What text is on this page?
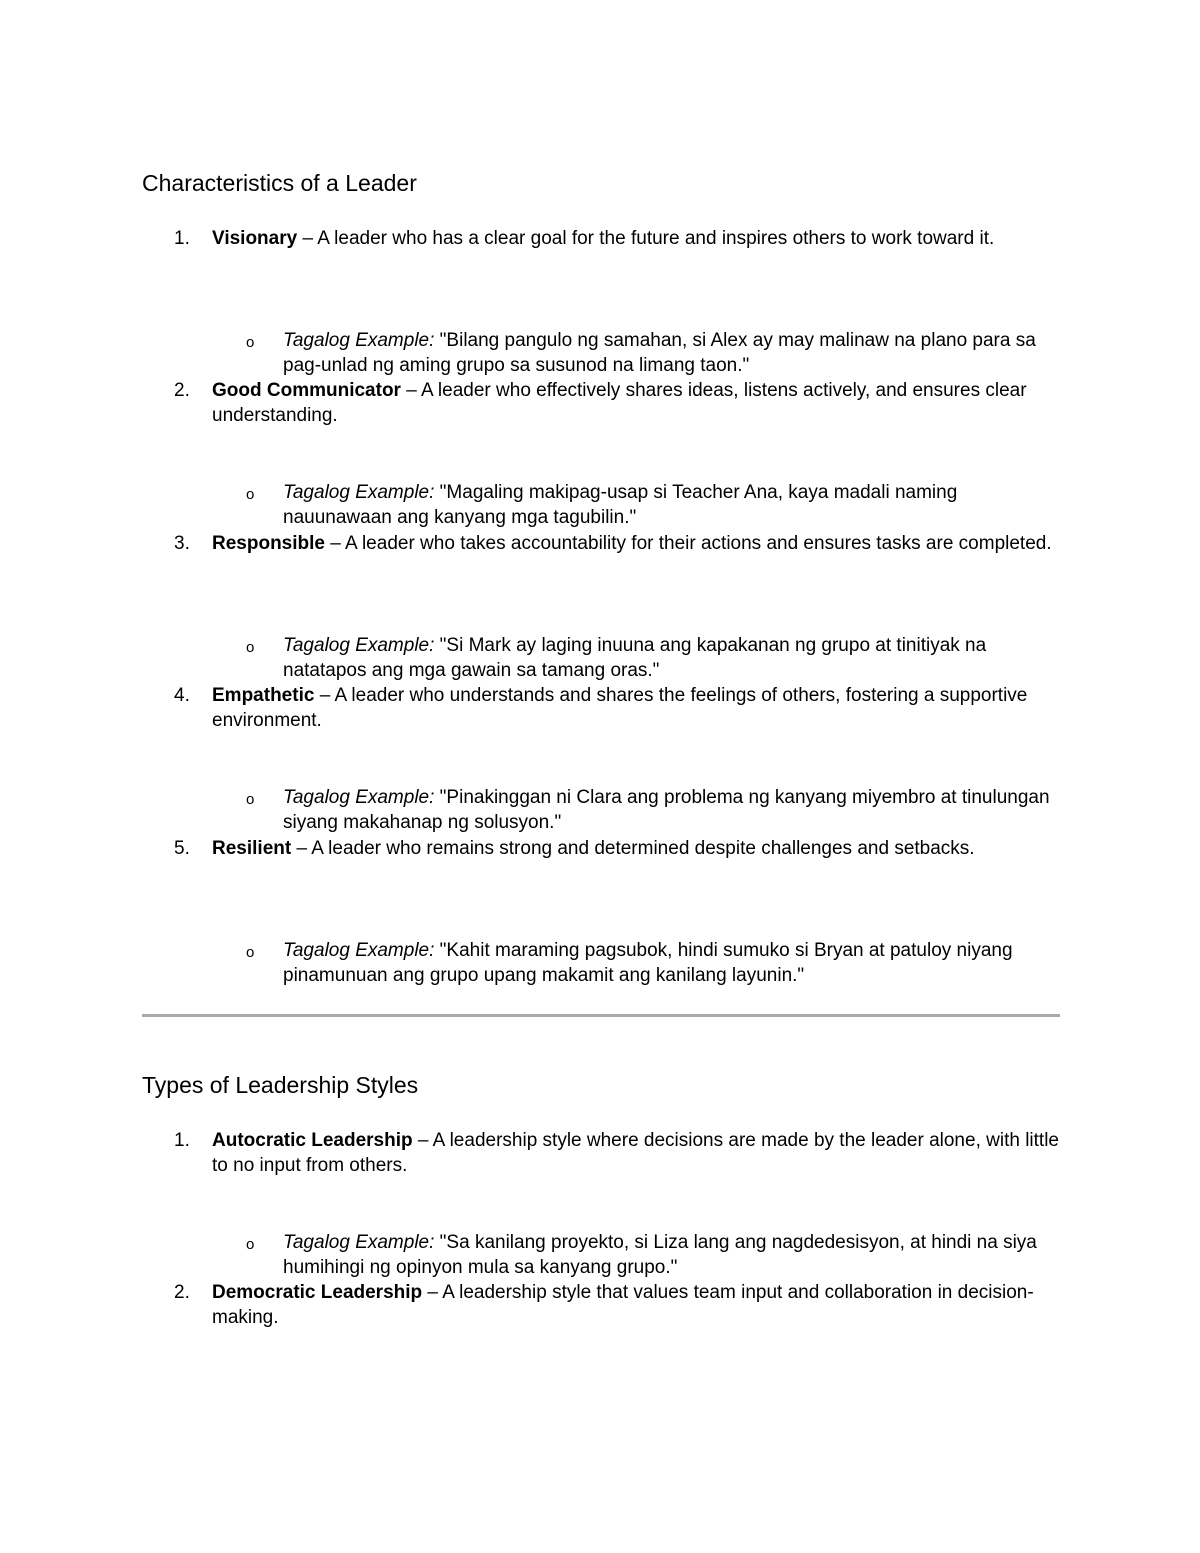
Characteristics of a Leader
1. Visionary – A leader who has a clear goal for the future and inspires others to work toward it.
o Tagalog Example: "Bilang pangulo ng samahan, si Alex ay may malinaw na plano para sa pag-unlad ng aming grupo sa susunod na limang taon."
2. Good Communicator – A leader who effectively shares ideas, listens actively, and ensures clear understanding.
o Tagalog Example: "Magaling makipag-usap si Teacher Ana, kaya madali naming nauunawaan ang kanyang mga tagubilin."
3. Responsible – A leader who takes accountability for their actions and ensures tasks are completed.
o Tagalog Example: "Si Mark ay laging inuuna ang kapakanan ng grupo at tinitiyak na natatapos ang mga gawain sa tamang oras."
4. Empathetic – A leader who understands and shares the feelings of others, fostering a supportive environment.
o Tagalog Example: "Pinakinggan ni Clara ang problema ng kanyang miyembro at tinulungan siyang makahanap ng solusyon."
5. Resilient – A leader who remains strong and determined despite challenges and setbacks.
o Tagalog Example: "Kahit maraming pagsubok, hindi sumuko si Bryan at patuloy niyang pinamunuan ang grupo upang makamit ang kanilang layunin."
Types of Leadership Styles
1. Autocratic Leadership – A leadership style where decisions are made by the leader alone, with little to no input from others.
o Tagalog Example: "Sa kanilang proyekto, si Liza lang ang nagdedesisyon, at hindi na siya humihingi ng opinyon mula sa kanyang grupo."
2. Democratic Leadership – A leadership style that values team input and collaboration in decision-making.
